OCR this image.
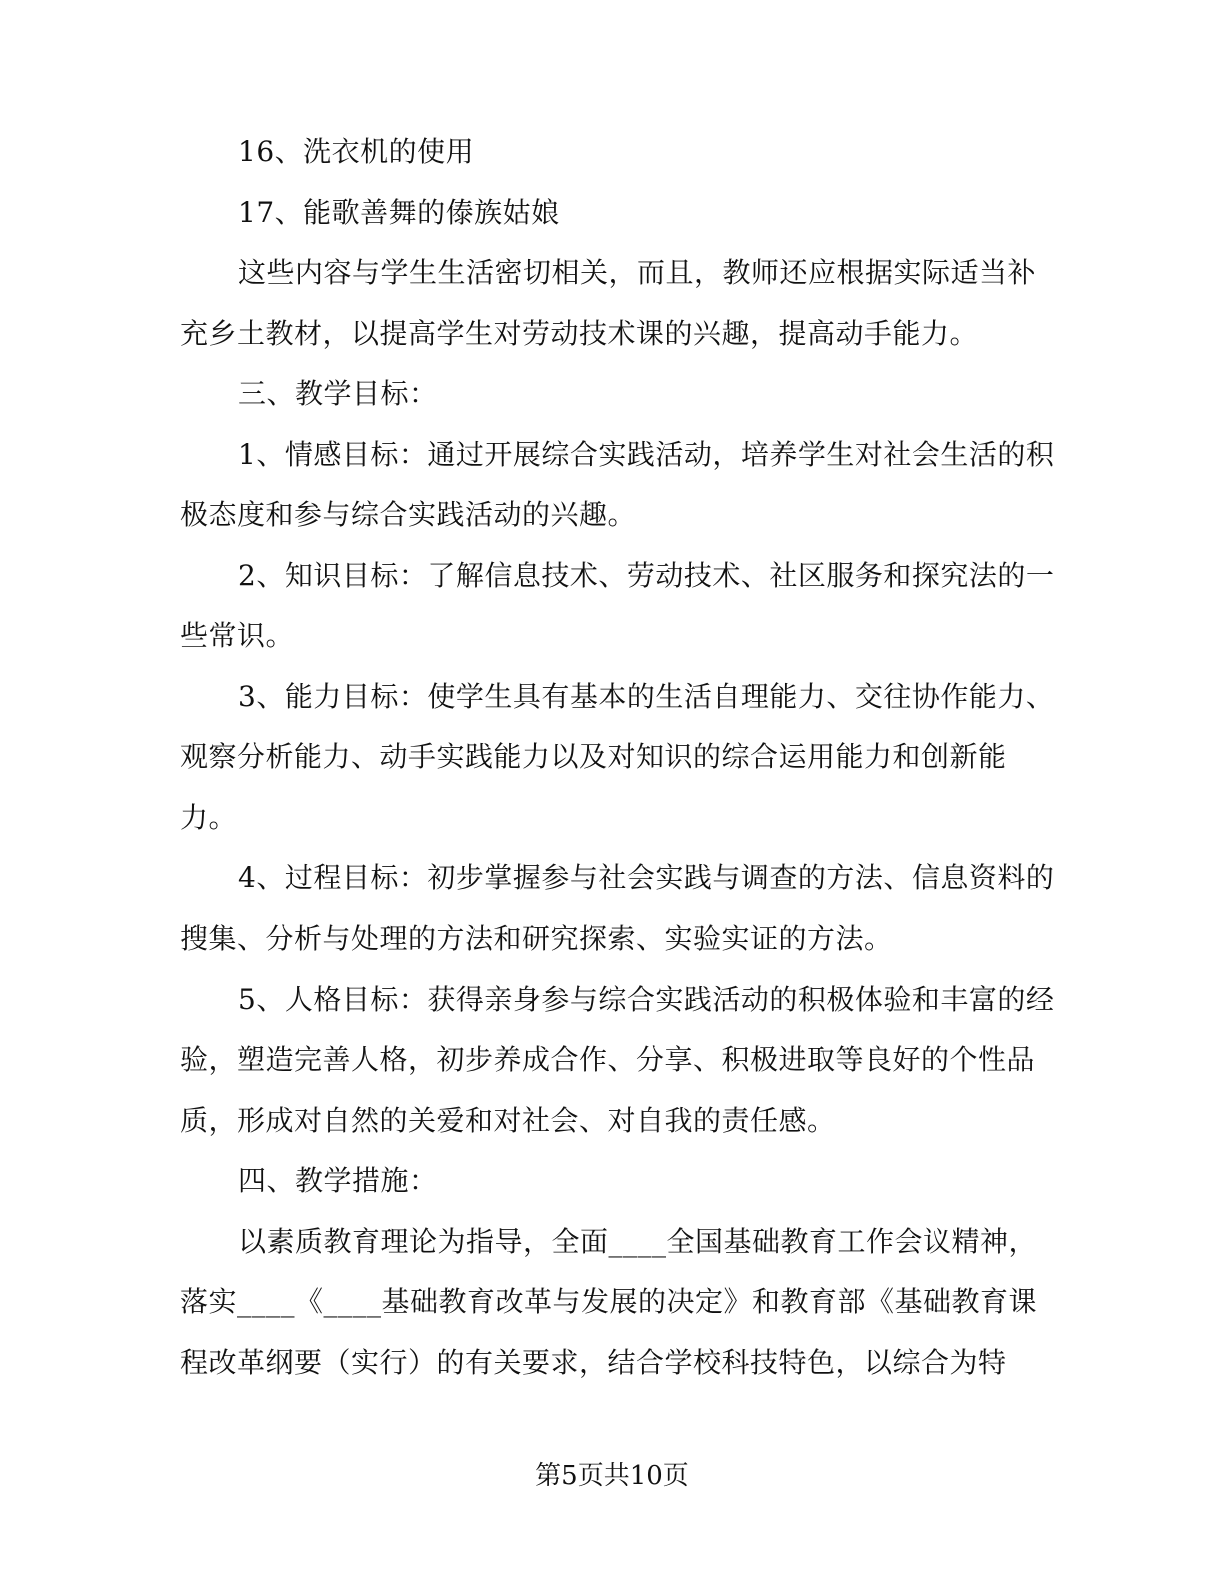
16、洗衣机的使用
17、能歌善舞的傣族姑娘
这些内容与学生生活密切相关，而且，教师还应根据实际适当补
充乡土教材，以提高学生对劳动技术课的兴趣，提高动手能力。
三、教学目标：
1、情感目标：通过开展综合实践活动，培养学生对社会生活的积
极态度和参与综合实践活动的兴趣。
2、知识目标：了解信息技术、劳动技术、社区服务和探究法的一
些常识。
3、能力目标：使学生具有基本的生活自理能力、交往协作能力、
观察分析能力、动手实践能力以及对知识的综合运用能力和创新能
力。
4、过程目标：初步掌握参与社会实践与调查的方法、信息资料的
搜集、分析与处理的方法和研究探索、实验实证的方法。
5、人格目标：获得亲身参与综合实践活动的积极体验和丰富的经
验，塑造完善人格，初步养成合作、分享、积极进取等良好的个性品
质，形成对自然的关爱和对社会、对自我的责任感。
四、教学措施：
以素质教育理论为指导，全面____全国基础教育工作会议精神，
落实____《____基础教育改革与发展的决定》和教育部《基础教育课
程改革纲要（实行）的有关要求，结合学校科技特色，以综合为特
第5页共10页
